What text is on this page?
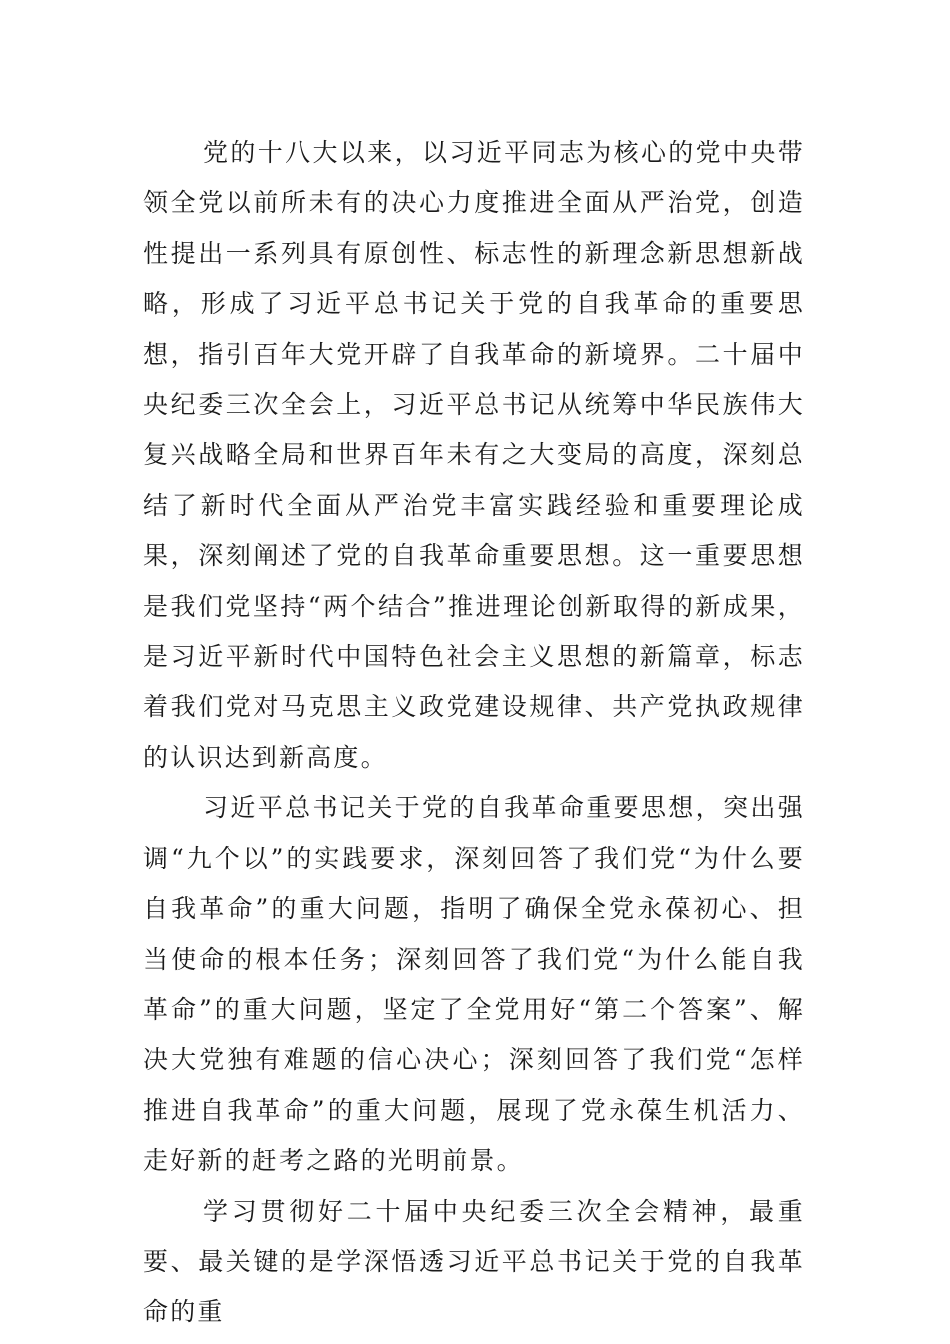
党的十八大以来，以习近平同志为核心的党中央带领全党以前所未有的决心力度推进全面从严治党，创造性提出一系列具有原创性、标志性的新理念新思想新战略，形成了习近平总书记关于党的自我革命的重要思想，指引百年大党开辟了自我革命的新境界。二十届中央纪委三次全会上，习近平总书记从统筹中华民族伟大复兴战略全局和世界百年未有之大变局的高度，深刻总结了新时代全面从严治党丰富实践经验和重要理论成果，深刻阐述了党的自我革命重要思想。这一重要思想是我们党坚持“两个结合”推进理论创新取得的新成果，是习近平新时代中国特色社会主义思想的新篇章，标志着我们党对马克思主义政党建设规律、共产党执政规律的认识达到新高度。

习近平总书记关于党的自我革命重要思想，突出强调“九个以”的实践要求，深刻回答了我们党“为什么要自我革命”的重大问题，指明了确保全党永葆初心、担当使命的根本任务；深刻回答了我们党“为什么能自我革命”的重大问题，坚定了全党用好“第二个答案”、解决大党独有难题的信心决心；深刻回答了我们党“怎样推进自我革命”的重大问题，展现了党永葆生机活力、走好新的赶考之路的光明前景。

学习贯彻好二十届中央纪委三次全会精神，最重要、最关键的是学深悟透习近平总书记关于党的自我革命的重
